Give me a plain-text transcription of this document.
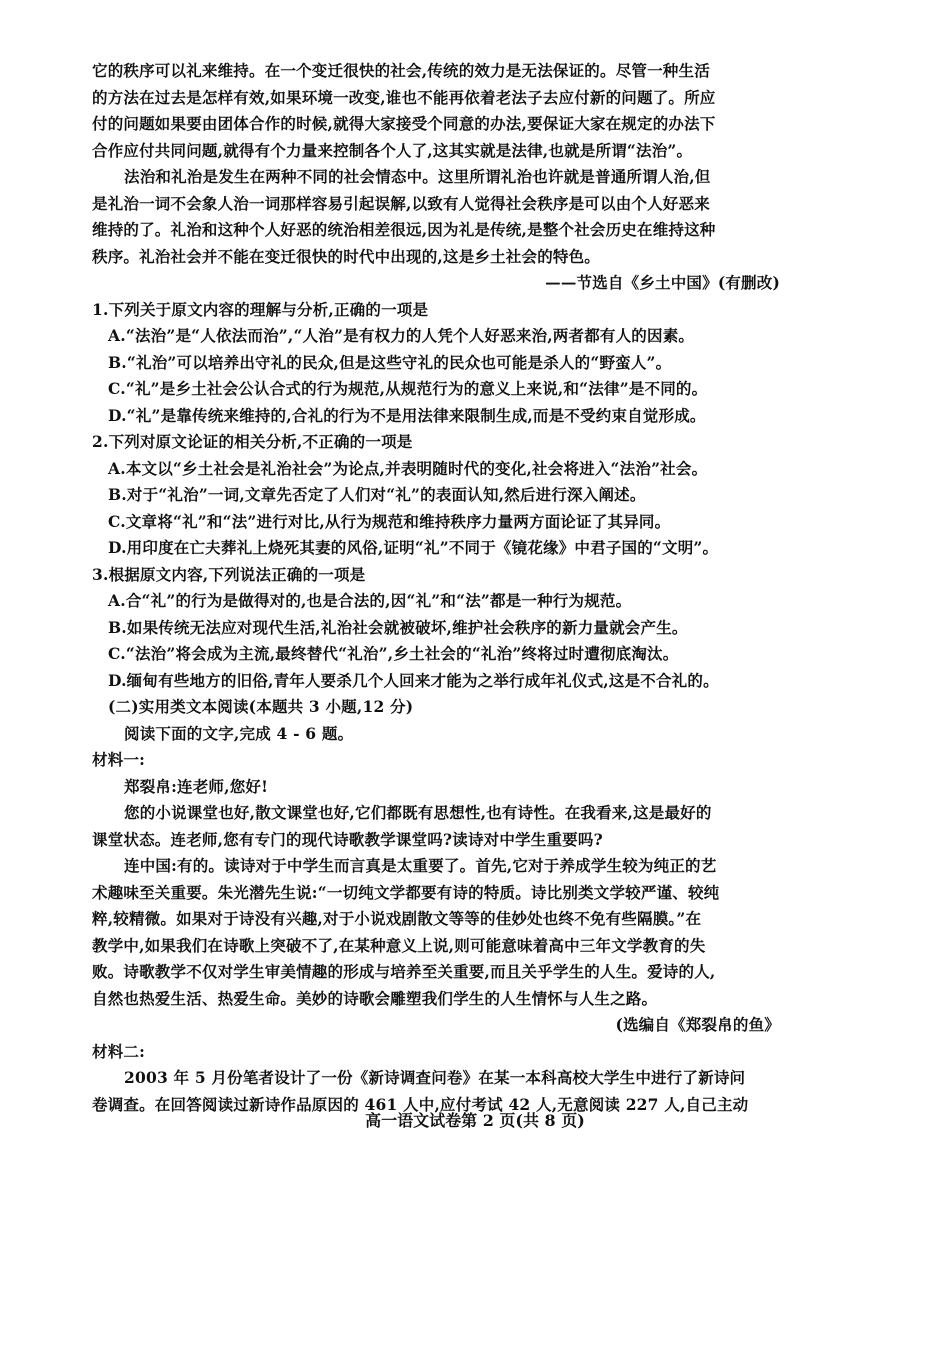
它的秩序可以礼来维持。在一个变迁很快的社会,传统的效力是无法保证的。尽管一种生活
的方法在过去是怎样有效,如果环境一改变,谁也不能再依着老法子去应付新的问题了。所应
付的问题如果要由团体合作的时候,就得大家接受个同意的办法,要保证大家在规定的办法下
合作应付共同问题,就得有个力量来控制各个人了,这其实就是法律,也就是所谓“法治”。
法治和礼治是发生在两种不同的社会情态中。这里所谓礼治也许就是普通所谓人治,但
是礼治一词不会象人治一词那样容易引起误解,以致有人觉得社会秩序是可以由个人好恶来
维持的了。礼治和这种个人好恶的统治相差很远,因为礼是传统,是整个社会历史在维持这种
秩序。礼治社会并不能在变迁很快的时代中出现的,这是乡土社会的特色。
——节选自《乡土中国》(有删改)
1.下列关于原文内容的理解与分析,正确的一项是
A.“法治”是“人依法而治”,“人治”是有权力的人凭个人好恶来治,两者都有人的因素。
B.“礼治”可以培养出守礼的民众,但是这些守礼的民众也可能是杀人的“野蛮人”。
C.“礼”是乡土社会公认合式的行为规范,从规范行为的意义上来说,和“法律”是不同的。
D.“礼”是靠传统来维持的,合礼的行为不是用法律来限制生成,而是不受约束自觉形成。
2.下列对原文论证的相关分析,不正确的一项是
A.本文以“乡土社会是礼治社会”为论点,并表明随时代的变化,社会将进入“法治”社会。
B.对于“礼治”一词,文章先否定了人们对“礼”的表面认知,然后进行深入阐述。
C.文章将“礼”和“法”进行对比,从行为规范和维持秩序力量两方面论证了其异同。
D.用印度在亡夫葬礼上烧死其妻的风俗,证明“礼”不同于《镜花缘》中君子国的“文明”。
3.根据原文内容,下列说法正确的一项是
A.合“礼”的行为是做得对的,也是合法的,因“礼”和“法”都是一种行为规范。
B.如果传统无法应对现代生活,礼治社会就被破坏,维护社会秩序的新力量就会产生。
C.“法治”将会成为主流,最终替代“礼治”,乡土社会的“礼治”终将过时遭彻底淘汰。
D.缅甸有些地方的旧俗,青年人要杀几个人回来才能为之举行成年礼仪式,这是不合礼的。
(二)实用类文本阅读(本题共 3 小题,12 分)
阅读下面的文字,完成 4 - 6 题。
材料一:
郑裂帛:连老师,您好!
您的小说课堂也好,散文课堂也好,它们都既有思想性,也有诗性。在我看来,这是最好的
课堂状态。连老师,您有专门的现代诗歌教学课堂吗?读诗对中学生重要吗?
连中国:有的。读诗对于中学生而言真是太重要了。首先,它对于养成学生较为纯正的艺
术趣味至关重要。朱光潜先生说:“一切纯文学都要有诗的特质。诗比别类文学较严谨、较纯
粹,较精微。如果对于诗没有兴趣,对于小说戏剧散文等等的佳妙处也终不免有些隔膜。”在
教学中,如果我们在诗歌上突破不了,在某种意义上说,则可能意味着高中三年文学教育的失
败。诗歌教学不仅对学生审美情趣的形成与培养至关重要,而且关乎学生的人生。爱诗的人,
自然也热爱生活、热爱生命。美妙的诗歌会雕塑我们学生的人生情怀与人生之路。
(选编自《郑裂帛的鱼》
材料二:
2003 年 5 月份笔者设计了一份《新诗调查问卷》在某一本科高校大学生中进行了新诗问
卷调查。在回答阅读过新诗作品原因的 461 人中,应付考试 42 人,无意阅读 227 人,自己主动
高一语文试卷第 2 页(共 8 页)
